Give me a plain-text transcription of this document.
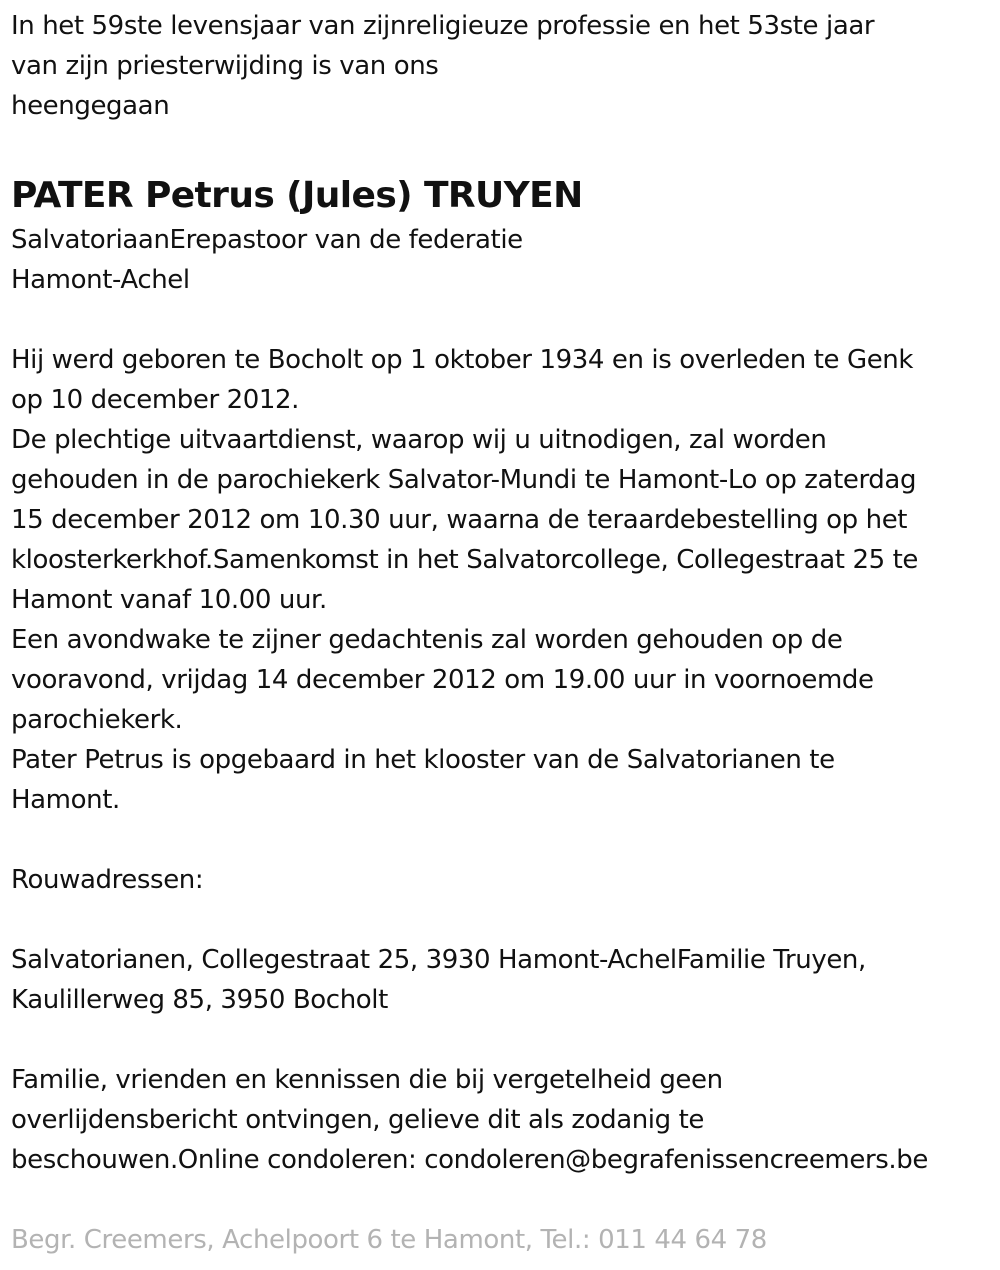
In het 59ste levensjaar van zijnreligieuze professie en het 53ste jaar
van zijn priesterwijding is van ons
heengegaan
PATER Petrus (Jules) TRUYEN
SalvatoriaanErepastoor van de federatie
Hamont-Achel
Hij werd geboren te Bocholt op 1 oktober 1934 en is overleden te Genk
op 10 december 2012.
De plechtige uitvaartdienst, waarop wij u uitnodigen, zal worden
gehouden in de parochiekerk Salvator-Mundi te Hamont-Lo op zaterdag
15 december 2012 om 10.30 uur, waarna de teraardebestelling op het
kloosterkerkhof.Samenkomst in het Salvatorcollege, Collegestraat 25 te
Hamont vanaf 10.00 uur.
Een avondwake te zijner gedachtenis zal worden gehouden op de
vooravond, vrijdag 14 december 2012 om 19.00 uur in voornoemde
parochiekerk.
Pater Petrus is opgebaard in het klooster van de Salvatorianen te
Hamont.
Rouwadressen:
Salvatorianen, Collegestraat 25, 3930 Hamont-AchelFamilie Truyen,
Kaulillerweg 85, 3950 Bocholt
Familie, vrienden en kennissen die bij vergetelheid geen
overlijdensbericht ontvingen, gelieve dit als zodanig te
beschouwen.Online condoleren: condoleren@begrafenissencreemers.be
Begr. Creemers, Achelpoort 6 te Hamont, Tel.: 011 44 64 78
